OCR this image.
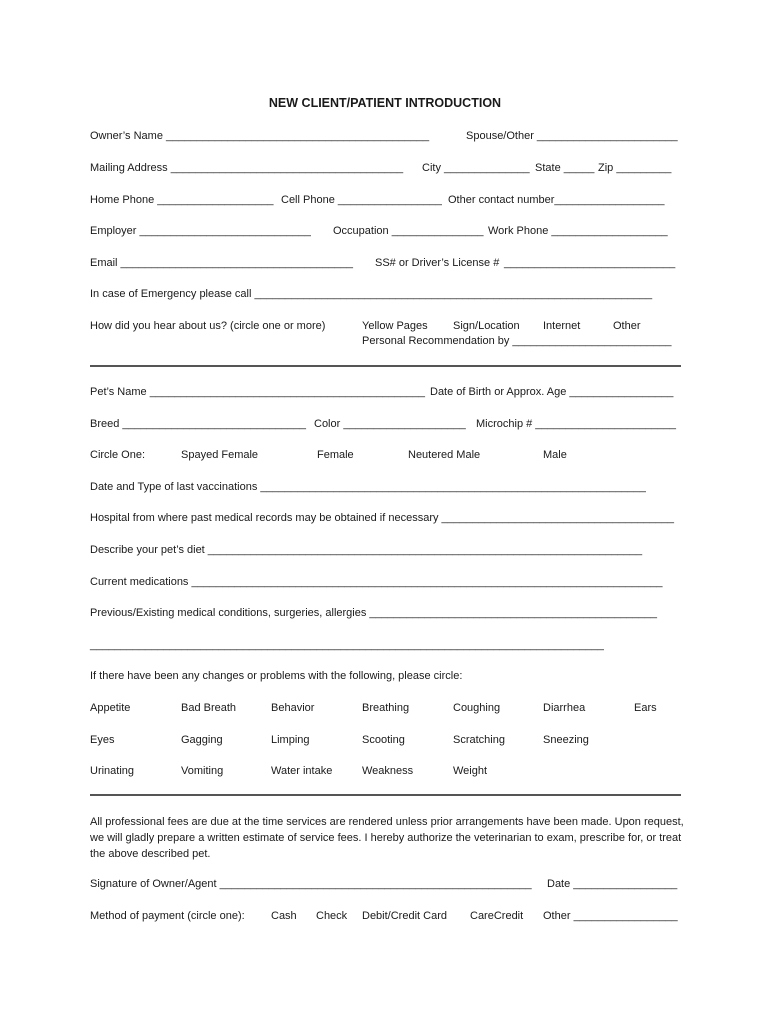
NEW CLIENT/PATIENT INTRODUCTION
Owner’s Name ___________________________________________	Spouse/Other _______________________
Mailing Address ______________________________________ City ______________ State _____ Zip _________
Home Phone ___________________ Cell Phone _________________ Other contact number__________________
Employer ____________________________ Occupation _______________ Work Phone ___________________
Email ______________________________________ SS# or Driver’s License # ____________________________
In case of Emergency please call _________________________________________________________________
How did you hear about us? (circle one or more)	Yellow Pages Sign/Location Internet	Other
Personal Recommendation by __________________________
Pet’s Name _____________________________________________ Date of Birth or Approx. Age _________________
Breed ______________________________ Color ____________________ Microchip # _______________________
Circle One:	Spayed Female	Female	Neutered Male	Male
Date and Type of last vaccinations _______________________________________________________________
Hospital from where past medical records may be obtained if necessary ______________________________________
Describe your pet’s diet _______________________________________________________________________
Current medications _____________________________________________________________________________
Previous/Existing medical conditions, surgeries, allergies _______________________________________________
____________________________________________________________________________________
If there have been any changes or problems with the following, please circle:
Appetite	Bad Breath	Behavior	Breathing	Coughing	Diarrhea	Ears
Eyes	Gagging	Limping	Scooting	Scratching	Sneezing
Urinating	Vomiting	Water intake	Weakness	Weight
All professional fees are due at the time services are rendered unless prior arrangements have been made. Upon request, we will gladly prepare a written estimate of service fees. I hereby authorize the veterinarian to exam, prescribe for, or treat the above described pet.
Signature of Owner/Agent ___________________________________________________ Date _________________
Method of payment (circle one): Cash Check Debit/Credit Card CareCredit Other _________________
